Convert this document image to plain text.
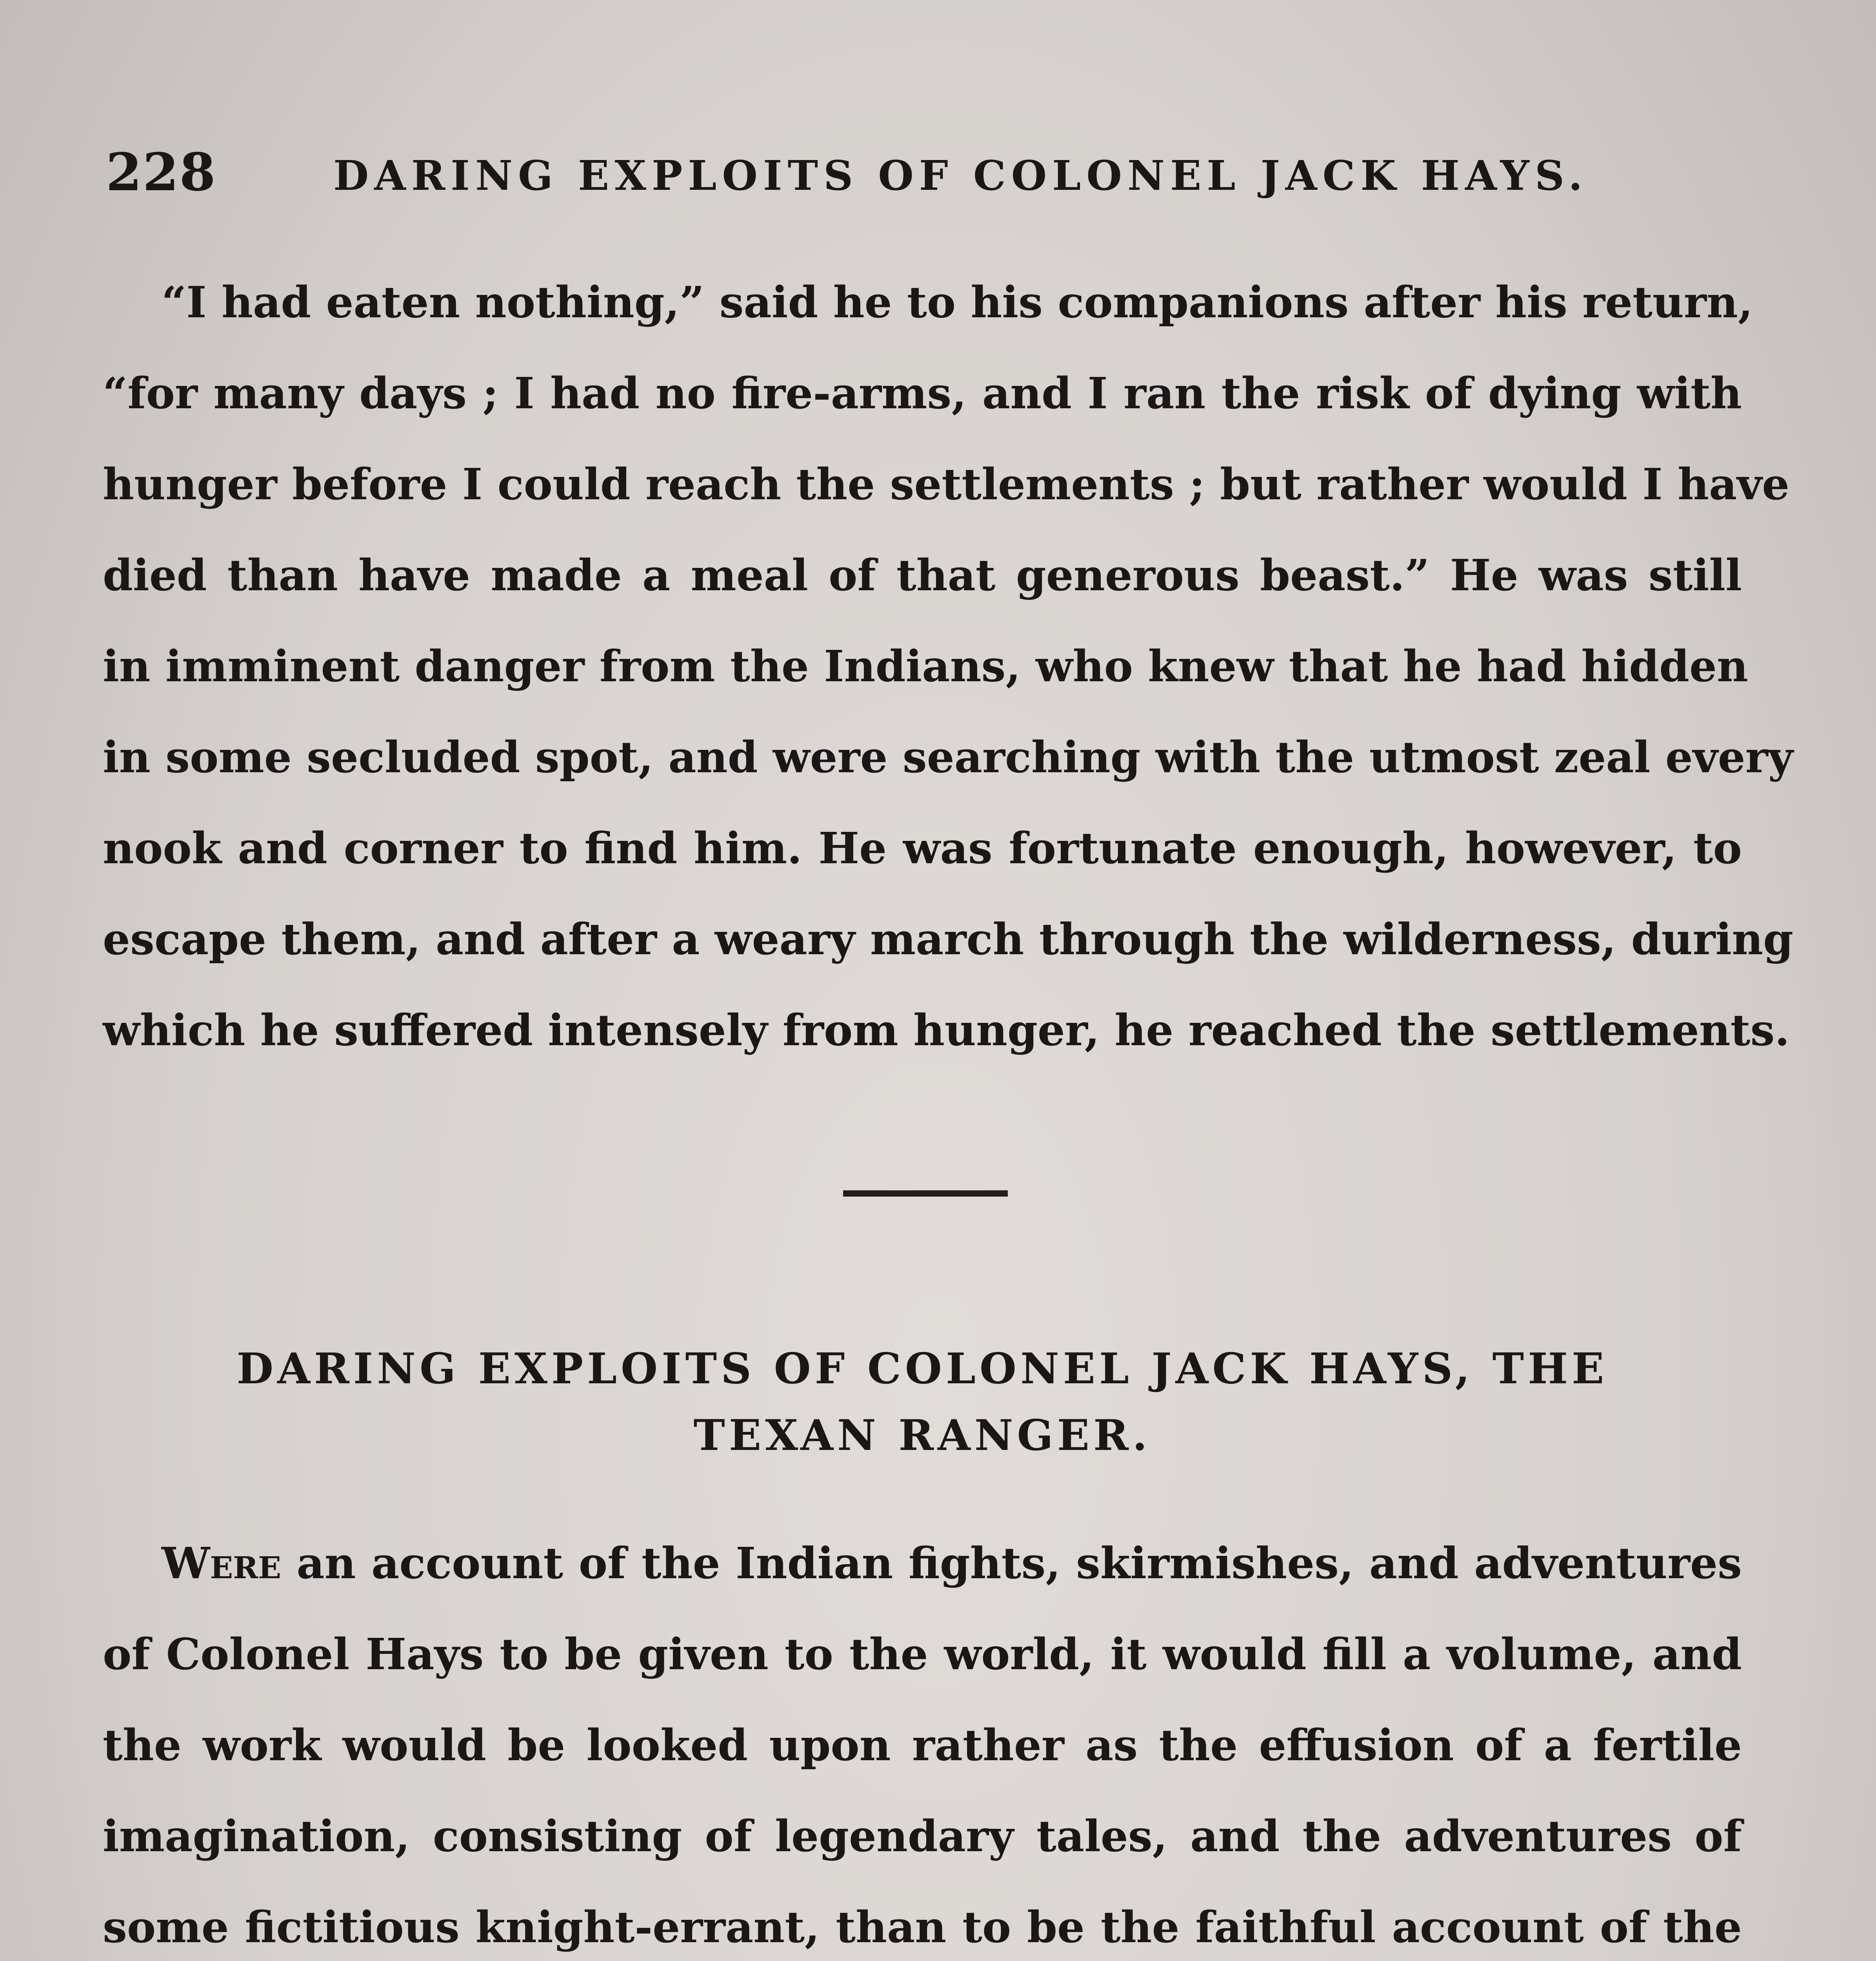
228	DARING EXPLOITS OF COLONEL JACK HAYS.
“I had eaten nothing,” said he to his companions after his return,
“for many days ; I had no fire-arms, and I ran the risk of dying with
hunger before I could reach the settlements ; but rather would I have
died than have made a meal of that generous beast.” He was still
in imminent danger from the Indians, who knew that he had hidden
in some secluded spot, and were searching with the utmost zeal every
nook and corner to find him. He was fortunate enough, however, to
escape them, and after a weary march through the wilderness, during
which he suffered intensely from hunger, he reached the settlements.
DARING EXPLOITS OF COLONEL JACK HAYS, THE
TEXAN RANGER.
Were an account of the Indian fights, skirmishes, and adventures
of Colonel Hays to be given to the world, it would fill a volume, and
the work would be looked upon rather as the effusion of a fertile
imagination, consisting of legendary tales, and the adventures of
some fictitious knight-errant, than to be the faithful account of the
